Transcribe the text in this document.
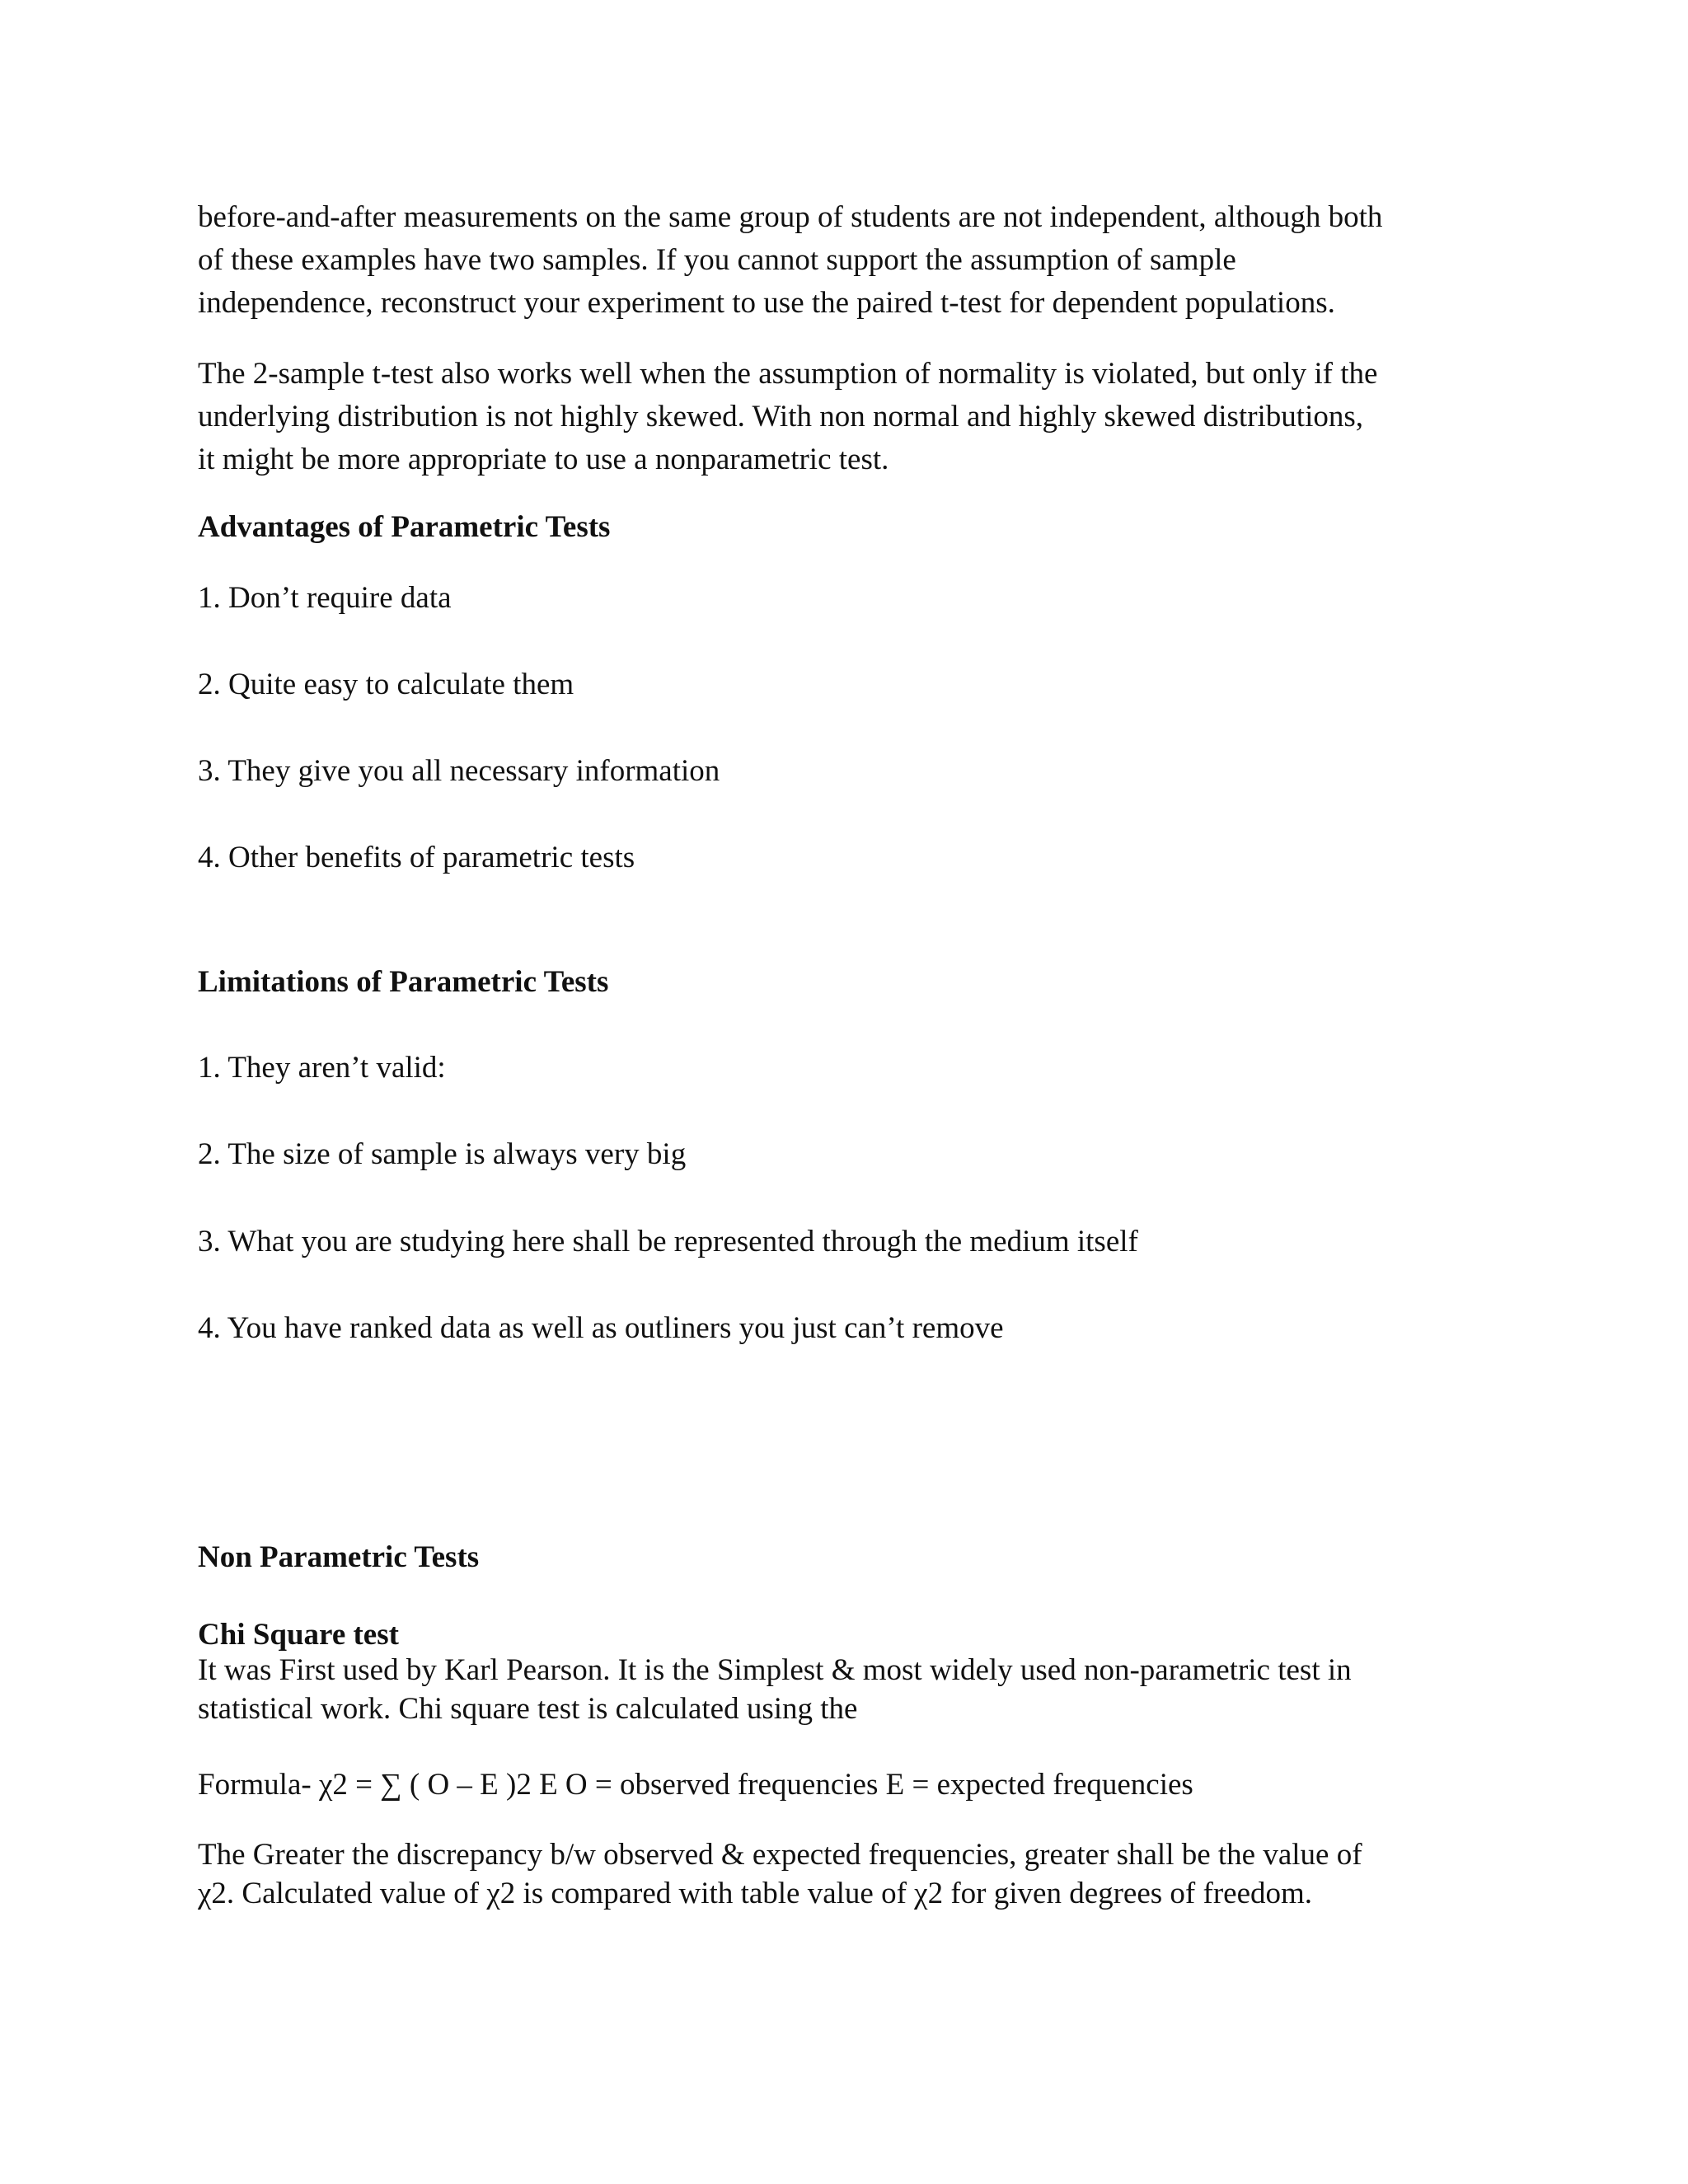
before-and-after measurements on the same group of students are not independent, although both
of these examples have two samples. If you cannot support the assumption of sample
independence, reconstruct your experiment to use the paired t-test for dependent populations.

The 2-sample t-test also works well when the assumption of normality is violated, but only if the
underlying distribution is not highly skewed. With non normal and highly skewed distributions,
it might be more appropriate to use a nonparametric test.

Advantages of Parametric Tests

1. Don’t require data

2. Quite easy to calculate them

3. They give you all necessary information

4. Other benefits of parametric tests

Limitations of Parametric Tests

1. They aren’t valid:

2. The size of sample is always very big

3. What you are studying here shall be represented through the medium itself

4. You have ranked data as well as outliners you just can’t remove

Non Parametric Tests

Chi Square test

It was First used by Karl Pearson. It is the Simplest & most widely used non-parametric test in
statistical work. Chi square test is calculated using the

Formula- χ2 = ∑ ( O – E )2 E O = observed frequencies E = expected frequencies

The Greater the discrepancy b/w observed & expected frequencies, greater shall be the value of
χ2. Calculated value of χ2 is compared with table value of χ2 for given degrees of freedom.
